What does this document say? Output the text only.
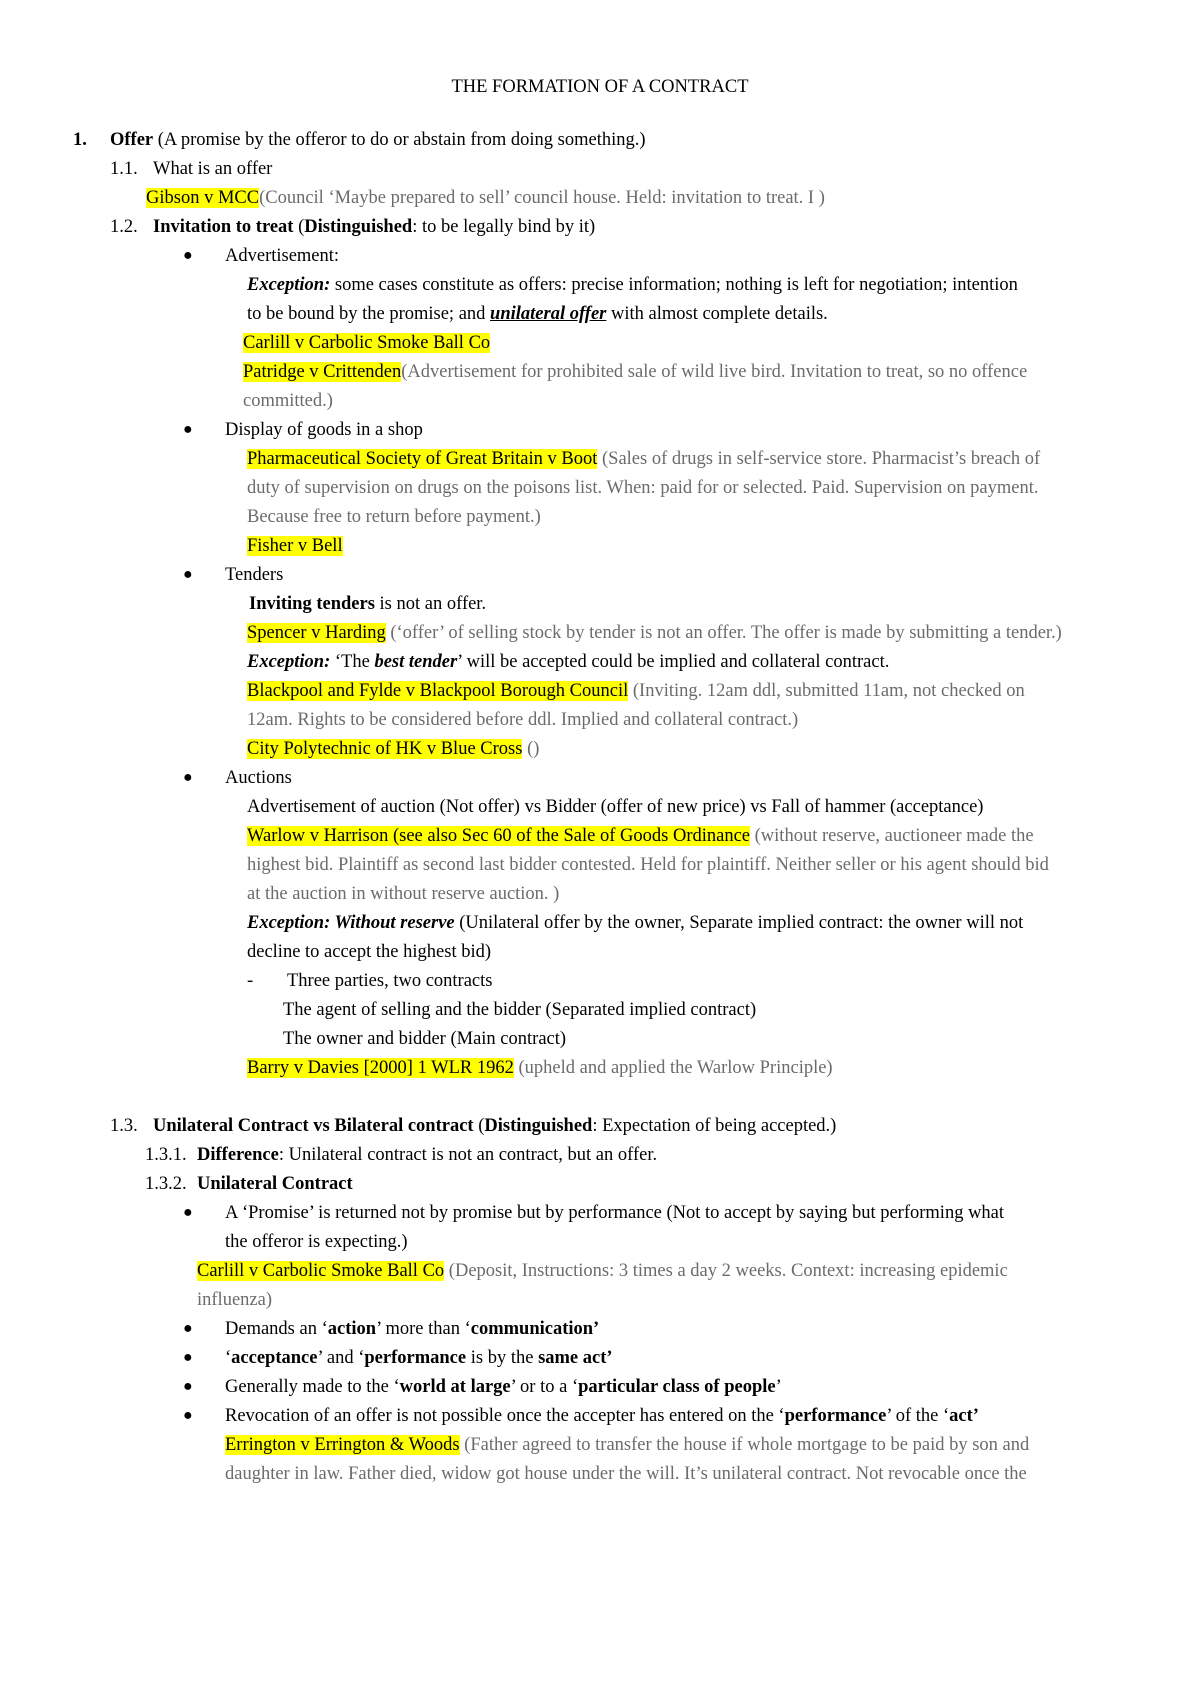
THE FORMATION OF A CONTRACT
1. Offer (A promise by the offeror to do or abstain from doing something.)
1.1. What is an offer
Gibson v MCC(Council ‘Maybe prepared to sell’ council house. Held: invitation to treat. I )
1.2. Invitation to treat (Distinguished: to be legally bind by it)
● Advertisement:
Exception: some cases constitute as offers: precise information; nothing is left for negotiation; intention
to be bound by the promise; and unilateral offer with almost complete details.
Carlill v Carbolic Smoke Ball Co
Patridge v Crittenden(Advertisement for prohibited sale of wild live bird. Invitation to treat, so no offence
committed.)
● Display of goods in a shop
Pharmaceutical Society of Great Britain v Boot (Sales of drugs in self-service store. Pharmacist’s breach of
duty of supervision on drugs on the poisons list. When: paid for or selected. Paid. Supervision on payment.
Because free to return before payment.)
Fisher v Bell
● Tenders
Inviting tenders is not an offer.
Spencer v Harding (‘offer’ of selling stock by tender is not an offer. The offer is made by submitting a tender.)
Exception: ‘The best tender’ will be accepted could be implied and collateral contract.
Blackpool and Fylde v Blackpool Borough Council (Inviting. 12am ddl, submitted 11am, not checked on
12am. Rights to be considered before ddl. Implied and collateral contract.)
City Polytechnic of HK v Blue Cross ()
● Auctions
Advertisement of auction (Not offer) vs Bidder (offer of new price) vs Fall of hammer (acceptance)
Warlow v Harrison (see also Sec 60 of the Sale of Goods Ordinance (without reserve, auctioneer made the
highest bid. Plaintiff as second last bidder contested. Held for plaintiff. Neither seller or his agent should bid
at the auction in without reserve auction. )
Exception: Without reserve (Unilateral offer by the owner, Separate implied contract: the owner will not
decline to accept the highest bid)
- Three parties, two contracts
The agent of selling and the bidder (Separated implied contract)
The owner and bidder (Main contract)
Barry v Davies [2000] 1 WLR 1962 (upheld and applied the Warlow Principle)
1.3. Unilateral Contract vs Bilateral contract (Distinguished: Expectation of being accepted.)
1.3.1. Difference: Unilateral contract is not an contract, but an offer.
1.3.2. Unilateral Contract
● A ‘Promise’ is returned not by promise but by performance (Not to accept by saying but performing what
the offeror is expecting.)
Carlill v Carbolic Smoke Ball Co (Deposit, Instructions: 3 times a day 2 weeks. Context: increasing epidemic
influenza)
● Demands an ‘action’ more than ‘communication’
● ‘acceptance’ and ‘performance is by the same act’
● Generally made to the ‘world at large’ or to a ‘particular class of people’
● Revocation of an offer is not possible once the accepter has entered on the ‘performance’ of the ‘act’
Errington v Errington & Woods (Father agreed to transfer the house if whole mortgage to be paid by son and
daughter in law. Father died, widow got house under the will. It’s unilateral contract. Not revocable once the
